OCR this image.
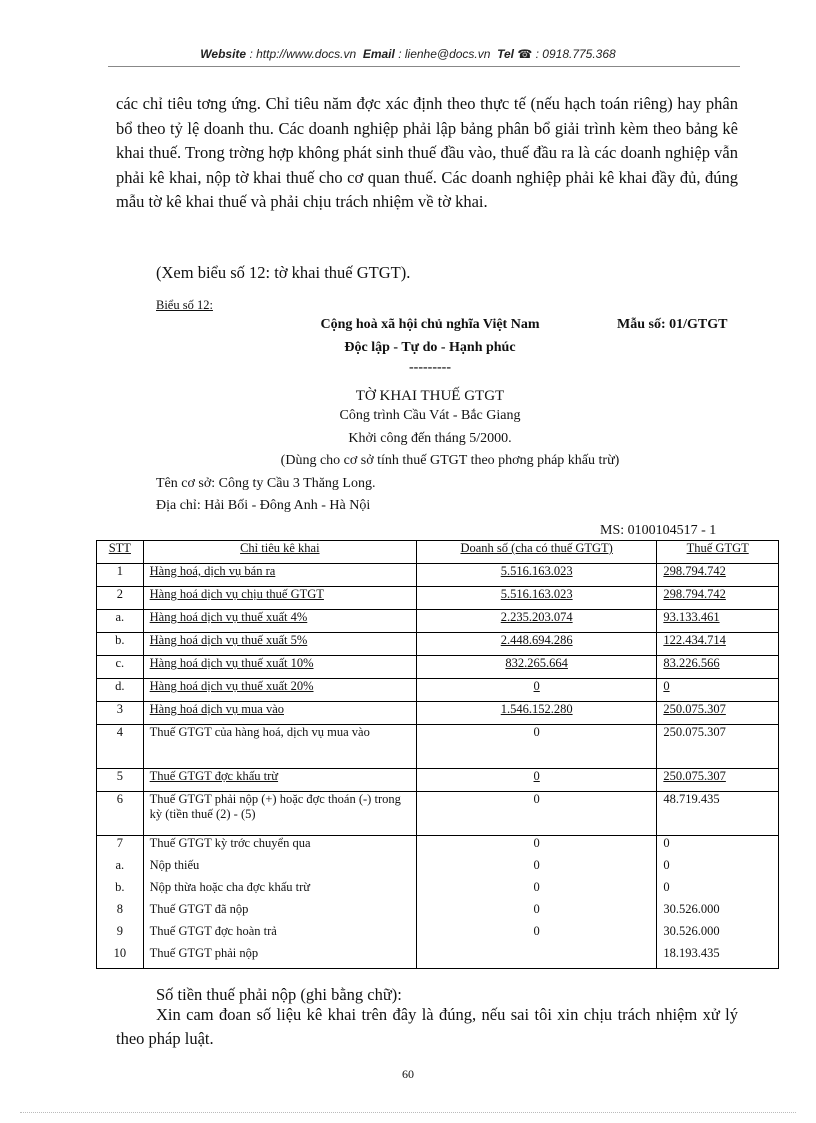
Website : http://www.docs.vn Email : lienhe@docs.vn Tel ☎ : 0918.775.368
các chỉ tiêu tơng ứng. Chỉ tiêu năm đợc xác định theo thực tế (nếu hạch toán riêng) hay phân bổ theo tỷ lệ doanh thu. Các doanh nghiệp phải lập bảng phân bổ giải trình kèm theo bảng kê khai thuế. Trong trờng hợp không phát sinh thuế đầu vào, thuế đầu ra là các doanh nghiệp vẫn phải kê khai, nộp tờ khai thuế cho cơ quan thuế. Các doanh nghiệp phải kê khai đầy đủ, đúng mẫu tờ kê khai thuế và phải chịu trách nhiệm về tờ khai.
(Xem biểu số 12: tờ khai thuế GTGT).
Biểu số 12:
Cộng hoà xã hội chủ nghĩa Việt Nam	Mẫu số: 01/GTGT
Độc lập - Tự do - Hạnh phúc
---------
TỜ KHAI THUẾ GTGT
Công trình Cầu Vát - Bắc Giang
Khởi công đến tháng 5/2000.
(Dùng cho cơ sở tính thuế GTGT theo phơng pháp khấu trừ)
Tên cơ sở: Công ty Cầu 3 Thăng Long.
Địa chỉ: Hải Bối - Đông Anh - Hà Nội
MS: 0100104517 - 1
STT	Chỉ tiêu kê khai	Doanh số (cha có thuế GTGT)	Thuế GTGT
1	Hàng hoá, dịch vụ bán ra	5.516.163.023	298.794.742
2	Hàng hoá dịch vụ chịu thuế GTGT	5.516.163.023	298.794.742
a.	Hàng hoá dịch vụ thuế xuất 4%	2.235.203.074	93.133.461
b.	Hàng hoá dịch vụ thuế xuất 5%	2.448.694.286	122.434.714
c.	Hàng hoá dịch vụ thuế xuất 10%	832.265.664	83.226.566
d.	Hàng hoá dịch vụ thuế xuất 20%	0	0
3	Hàng hoá dịch vụ mua vào	1.546.152.280	250.075.307
4	Thuế GTGT của hàng hoá, dịch vụ mua vào	0	250.075.307
5	Thuế GTGT đợc khấu trừ	0	250.075.307
6	Thuế GTGT phải nộp (+) hoặc đợc thoán (-) trong kỳ (tiền thuế (2) - (5)	0	48.719.435
7	Thuế GTGT kỳ trớc chuyển qua	0	0
a.	Nộp thiếu	0	0
b.	Nộp thừa hoặc cha đợc khấu trừ	0	0
8	Thuế GTGT đã nộp	0	30.526.000
9	Thuế GTGT đợc hoàn trả	0	30.526.000
10	Thuế GTGT phải nộp		18.193.435
Số tiền thuế phải nộp (ghi bằng chữ):
Xin cam đoan số liệu kê khai trên đây là đúng, nếu sai tôi xin chịu trách nhiệm xử lý theo pháp luật.
60
